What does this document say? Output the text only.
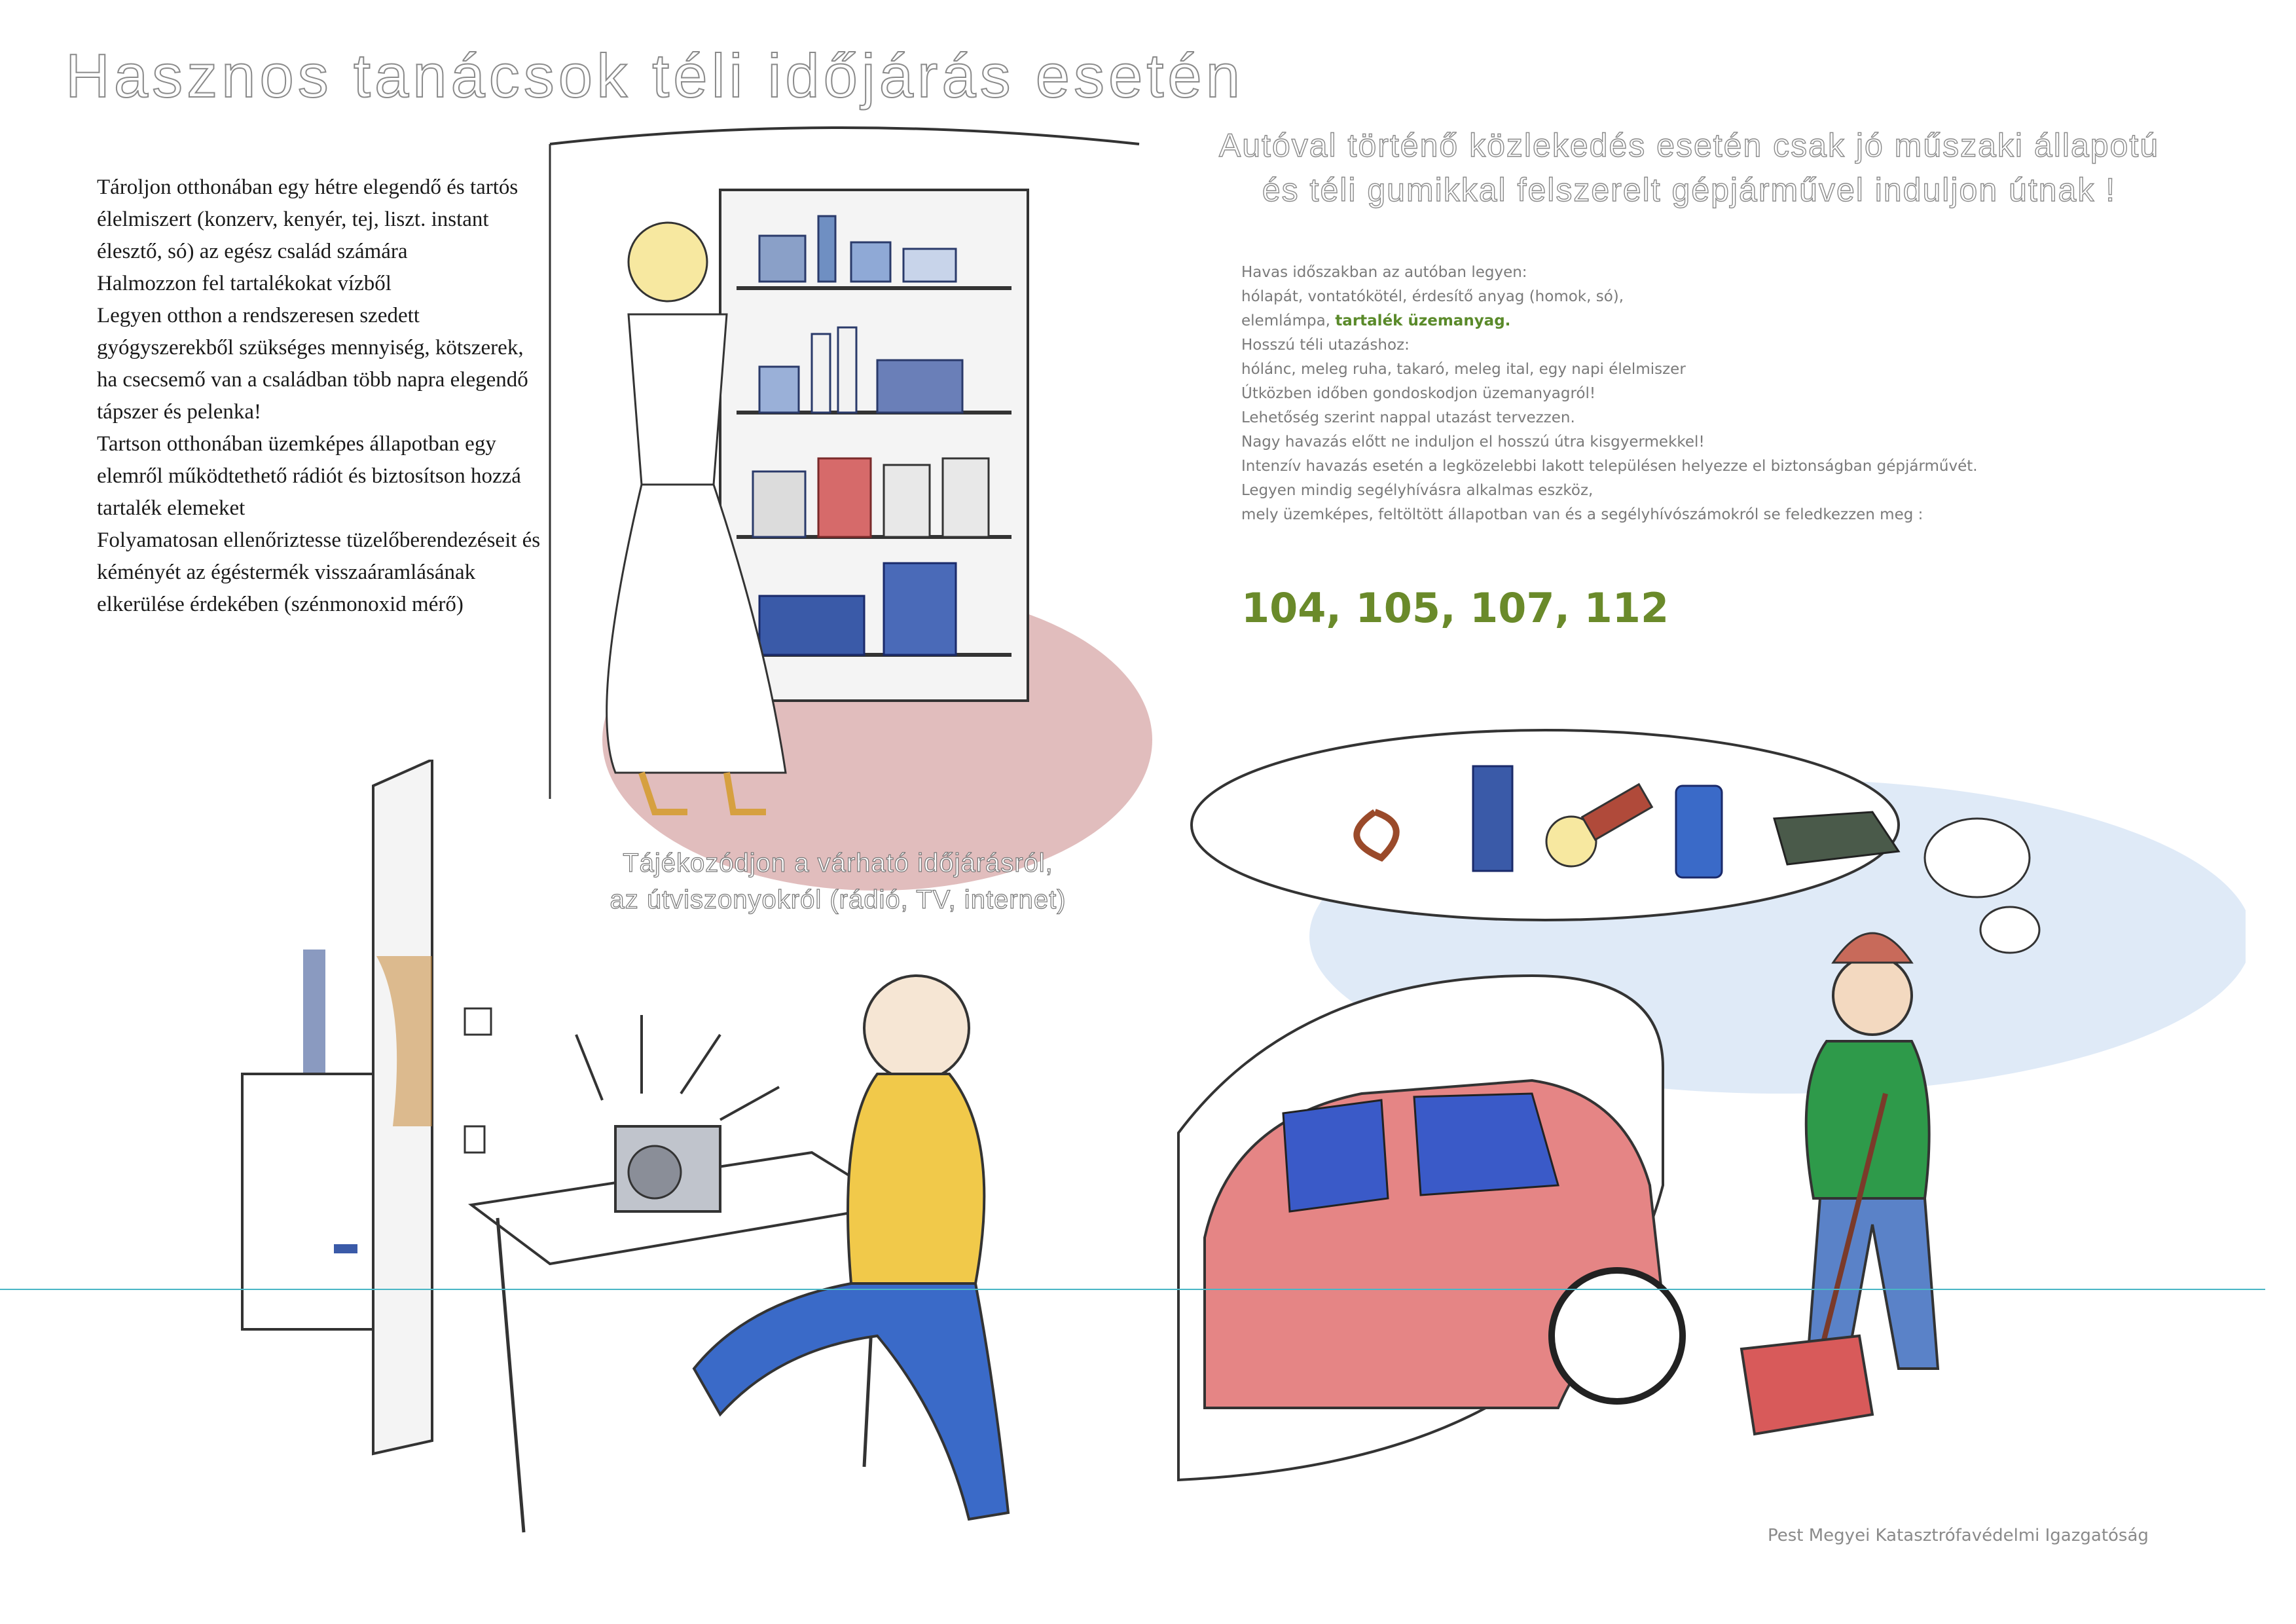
Hasznos tanácsok téli időjárás esetén
Tároljon otthonában egy hétre elegendő és tartós élelmiszert (konzerv, kenyér, tej, liszt. instant élesztő, só) az egész család számára
Halmozzon fel tartalékokat vízből
Legyen otthon a rendszeresen szedett gyógyszerekből szükséges mennyiség, kötszerek, ha csecsemő van a családban több napra elegendő tápszer és pelenka!
Tartson otthonában üzemképes állapotban egy elemről működtethető rádiót és biztosítson hozzá tartalék elemeket
Folyamatosan ellenőriztesse tüzelőberendezéseit és kéményét az égéstermék visszaáramlásának elkerülése érdekében (szénmonoxid mérő)
Autóval történő közlekedés esetén csak jó műszaki állapotú
és téli gumikkal felszerelt gépjárművel induljon útnak !
Havas időszakban az autóban legyen:
hólapát, vontatókötél, érdesítő anyag (homok, só),
elemlámpa, tartalék üzemanyag.
Hosszú téli utazáshoz:
hólánc, meleg ruha, takaró, meleg ital, egy napi élelmiszer
Útközben időben gondoskodjon üzemanyagról!
Lehetőség szerint nappal utazást tervezzen.
Nagy havazás előtt ne induljon el hosszú útra kisgyermekkel!
Intenzív havazás esetén a legközelebbi lakott településen helyezze el biztonságban gépjárművét.
Legyen mindig segélyhívásra alkalmas eszköz,
mely üzemképes, feltöltött állapotban van és a segélyhívószámokról se feledkezzen meg :
104, 105, 107, 112
Tájékozódjon a várható időjárásról,
az útviszonyokról (rádió, TV, internet)
Pest Megyei Katasztrófavédelmi Igazgatóság
